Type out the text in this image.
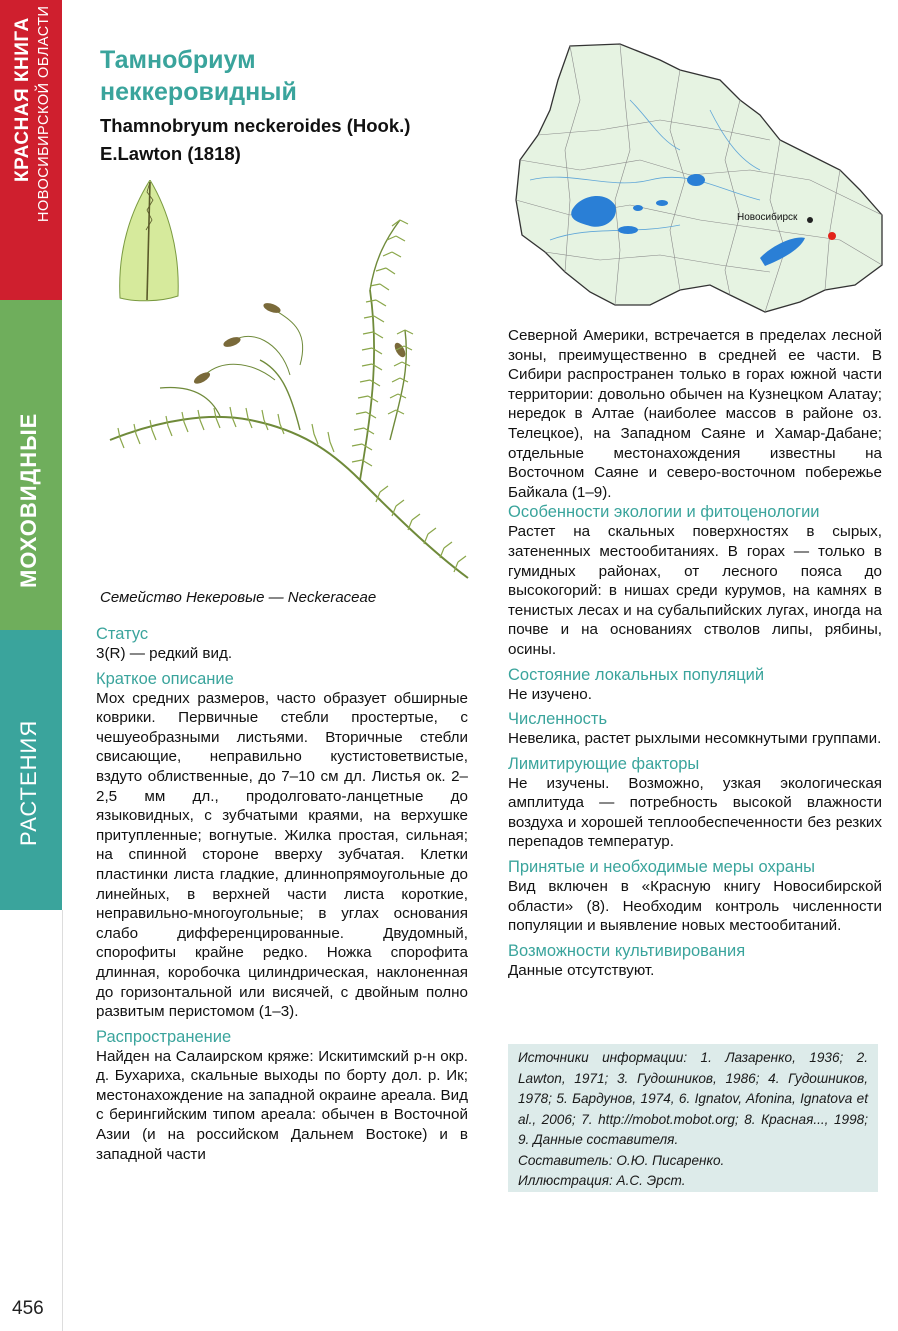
КРАСНАЯ КНИГА НОВОСИБИРСКОЙ ОБЛАСТИ
МОХОВИДНЫЕ
РАСТЕНИЯ
456
Тамнобриум неккеровидный
Thamnobryum neckeroides (Hook.)
E.Lawton (1818)
Новосибирск
Семейство Некеровые — Neckeraceae
Статус

3(R) — редкий вид.

Краткое описание

Мох средних размеров, часто образует обширные коврики. Первичные стебли простертые, с чешуеобразными листьями. Вторичные стебли свисающие, неправильно кустистоветвистые, вздуто облиственные, до 7–10 см дл. Листья ок. 2–2,5 мм дл., продолговато-ланцетные до языковидных, с зубчатыми краями, на верхушке притупленные; вогнутые. Жилка простая, сильная; на спинной стороне вверху зубчатая. Клетки пластинки листа гладкие, длиннопрямоугольные до линейных, в верхней части листа короткие, неправильно-многоугольные; в углах основания слабо дифференцированные. Двудомный, спорофиты крайне редко. Ножка спорофита длинная, коробочка цилиндрическая, наклоненная до горизонтальной или висячей, с двойным полно развитым перистомом (1–3).

Распространение

Найден на Салаирском кряже: Искитимский р-н окр. д. Бухариха, скальные выходы по борту дол. р. Ик; местонахождение на западной окраине ареала. Вид с берингийским типом ареала: обычен в Восточной Азии (и на российском Дальнем Востоке) и в западной части

Северной Америки, встречается в пределах лесной зоны, преимущественно в средней ее части. В Сибири распространен только в горах южной части территории: довольно обычен на Кузнецком Алатау; нередок в Алтае (наиболее массов в районе оз. Телецкое), на Западном Саяне и Хамар-Дабане; отдельные местонахождения известны на Восточном Саяне и северо-восточном побережье Байкала (1–9).

Особенности экологии и фитоценологии

Растет на скальных поверхностях в сырых, затененных местообитаниях. В горах — только в гумидных районах, от лесного пояса до высокогорий: в нишах среди курумов, на камнях в тенистых лесах и на субальпийских лугах, иногда на почве и на основаниях стволов липы, рябины, осины.

Состояние локальных популяций

Не изучено.

Численность

Невелика, растет рыхлыми несомкнутыми группами.

Лимитирующие факторы

Не изучены. Возможно, узкая экологическая амплитуда — потребность высокой влажности воздуха и хорошей теплообеспеченности без резких перепадов температур.

Принятые и необходимые меры охраны

Вид включен в «Красную книгу Новосибирской области» (8). Необходим контроль численности популяции и выявление новых местообитаний.

Возможности культивирования

Данные отсутствуют.

Источники информации: 1. Лазаренко, 1936; 2. Lawton, 1971; 3. Гудошников, 1986; 4. Гудошников, 1978; 5. Бардунов, 1974, 6. Ignatov, Afonina, Ignatova et al., 2006; 7. http://mobot.mobot.org; 8. Красная..., 1998; 9. Данные составителя.

Составитель: О.Ю. Писаренко.

Иллюстрация: А.С. Эрст.
